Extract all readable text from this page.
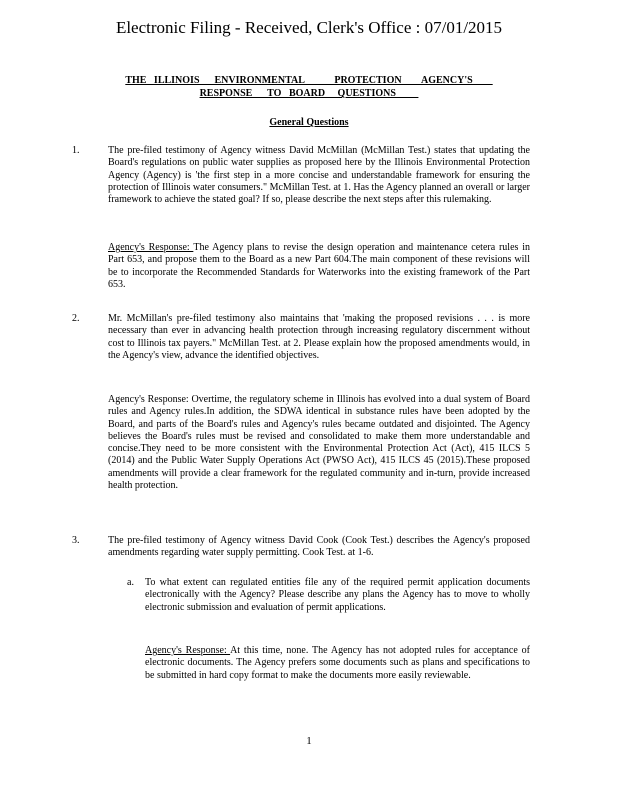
Electronic Filing - Received, Clerk's Office : 07/01/2015
THE   ILLINOIS      ENVIRONMENTAL            PROTECTION        AGENCY'S
RESPONSE      TO   BOARD     QUESTIONS
General Questions
1.	The pre-filed testimony of Agency witness David McMillan (McMillan Test.) states that updating the Board's regulations on public water supplies as proposed here by the Illinois Environmental Protection Agency (Agency) is 'the first step in a more concise and understandable framework for ensuring the protection of Illinois water consumers." McMillan Test. at 1. Has the Agency planned an overall or larger framework to achieve the stated goal? If so, please describe the next steps after this rulemaking.
Agency's Response: The Agency plans to revise the design operation and maintenance cetera rules in Part 653, and propose them to the Board as a new Part 604.The main component of these revisions will be to incorporate the Recommended Standards for Waterworks into the existing framework of the Part 653.
2.	Mr. McMillan's pre-filed testimony also maintains that 'making the proposed revisions . . . is more necessary than ever in advancing health protection through increasing regulatory discernment without cost to Illinois tax payers." McMillan Test. at 2. Please explain how the proposed amendments would, in the Agency's view, advance the identified objectives.
Agency's Response: Overtime, the regulatory scheme in Illinois has evolved into a dual system of Board rules and Agency rules.In addition, the SDWA identical in substance rules have been adopted by the Board, and parts of the Board's rules and Agency's rules became outdated and disjointed. The Agency believes the Board's rules must be revised and consolidated to make them more understandable and concise.They need to be more consistent with the Environmental Protection Act (Act), 415 ILCS 5 (2014) and the Public Water Supply Operations Act (PWSO Act), 415 ILCS 45 (2015).These proposed amendments will provide a clear framework for the regulated community and in-turn, provide increased health protection.
3.	The pre-filed testimony of Agency witness David Cook (Cook Test.) describes the Agency's proposed amendments regarding water supply permitting. Cook Test. at 1-6.
a. To what extent can regulated entities file any of the required permit application documents electronically with the Agency? Please describe any plans the Agency has to move to wholly electronic submission and evaluation of permit applications.
Agency's Response: At this time, none. The Agency has not adopted rules for acceptance of electronic documents. The Agency prefers some documents such as plans and specifications to be submitted in hard copy format to make the documents more easily reviewable.
1
